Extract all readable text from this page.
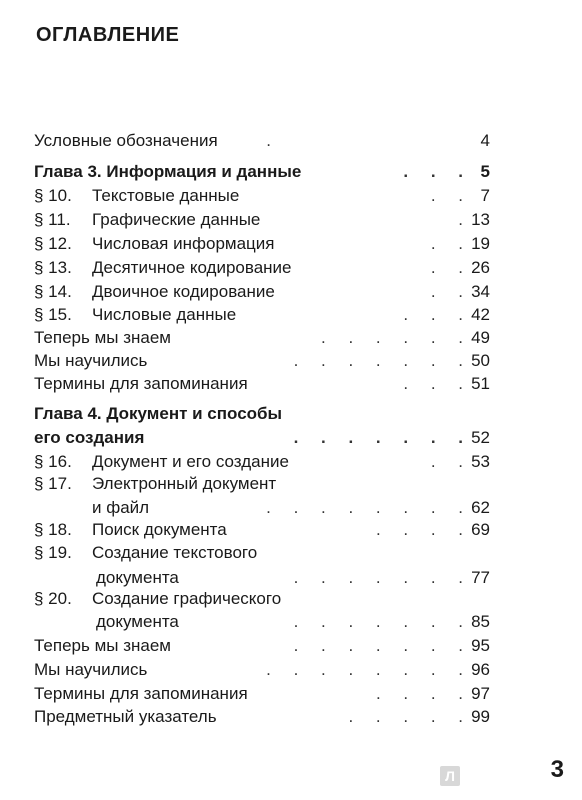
ОГЛАВЛЕНИЕ
Условные обозначения	.	4
Глава 3. Информация и данные	. . . 5
§ 10. Текстовые данные	. . 7
§ 11. Графические данные	. 13
§ 12. Числовая информация	. . 19
§ 13. Десятичное кодирование	. . 26
§ 14. Двоичное кодирование	. . 34
§ 15. Числовые данные	. . . 42
Теперь мы знаем	. . . . . . 49
Мы научились	. . . . . . . 50
Термины для запоминания	. . . 51
Глава 4. Документ и способы
его создания	. . . . . . . 52
§ 16. Документ и его создание	. . 53
§ 17. Электронный документ
и файл	. . . . . . . . 62
§ 18. Поиск документа	. . . . 69
§ 19. Создание текстового
документа	. . . . . . . 77
§ 20. Создание графического
документа	. . . . . . . 85
Теперь мы знаем	. . . . . . . 95
Мы научились	. . . . . . . . 96
Термины для запоминания	. . . . 97
Предметный указатель	. . . . . 99
Л	3
